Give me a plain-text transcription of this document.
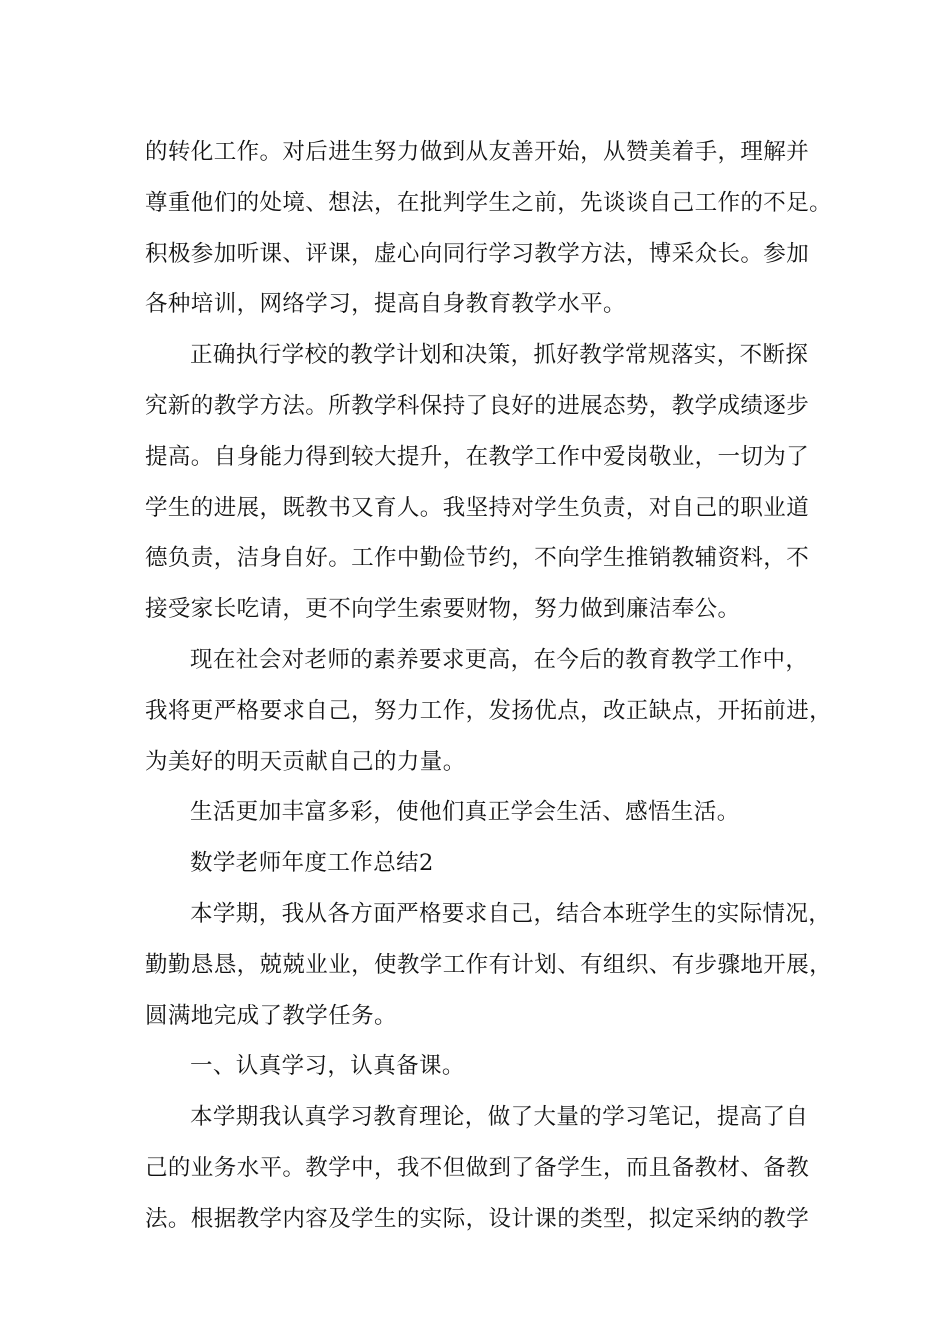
的转化工作。对后进生努力做到从友善开始，从赞美着手，理解并
尊重他们的处境、想法，在批判学生之前，先谈谈自己工作的不足。
积极参加听课、评课，虚心向同行学习教学方法，博采众长。参加
各种培训，网络学习，提高自身教育教学水平。
正确执行学校的教学计划和决策，抓好教学常规落实，不断探
究新的教学方法。所教学科保持了良好的进展态势，教学成绩逐步
提高。自身能力得到较大提升，在教学工作中爱岗敬业，一切为了
学生的进展，既教书又育人。我坚持对学生负责，对自己的职业道
德负责，洁身自好。工作中勤俭节约，不向学生推销教辅资料，不
接受家长吃请，更不向学生索要财物，努力做到廉洁奉公。
现在社会对老师的素养要求更高，在今后的教育教学工作中，
我将更严格要求自己，努力工作，发扬优点，改正缺点，开拓前进，
为美好的明天贡献自己的力量。
生活更加丰富多彩，使他们真正学会生活、感悟生活。
数学老师年度工作总结2
本学期，我从各方面严格要求自己，结合本班学生的实际情况，
勤勤恳恳，兢兢业业，使教学工作有计划、有组织、有步骤地开展，
圆满地完成了教学任务。
一、认真学习，认真备课。
本学期我认真学习教育理论，做了大量的学习笔记，提高了自
己的业务水平。教学中，我不但做到了备学生，而且备教材、备教
法。根据教学内容及学生的实际，设计课的类型，拟定采纳的教学
